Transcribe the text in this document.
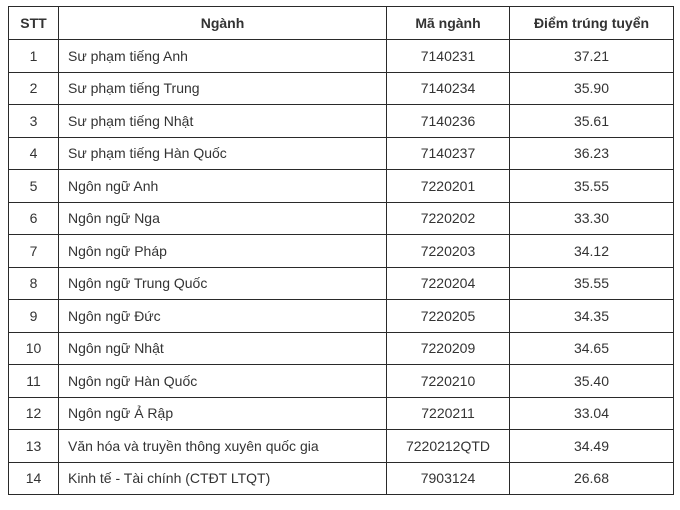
STT	Ngành	Mã ngành	Điểm trúng tuyển
1	Sư phạm tiếng Anh	7140231	37.21
2	Sư phạm tiếng Trung	7140234	35.90
3	Sư phạm tiếng Nhật	7140236	35.61
4	Sư phạm tiếng Hàn Quốc	7140237	36.23
5	Ngôn ngữ Anh	7220201	35.55
6	Ngôn ngữ Nga	7220202	33.30
7	Ngôn ngữ Pháp	7220203	34.12
8	Ngôn ngữ Trung Quốc	7220204	35.55
9	Ngôn ngữ Đức	7220205	34.35
10	Ngôn ngữ Nhật	7220209	34.65
11	Ngôn ngữ Hàn Quốc	7220210	35.40
12	Ngôn ngữ Ả Rập	7220211	33.04
13	Văn hóa và truyền thông xuyên quốc gia	7220212QTD	34.49
14	Kinh tế - Tài chính (CTĐT LTQT)	7903124	26.68
